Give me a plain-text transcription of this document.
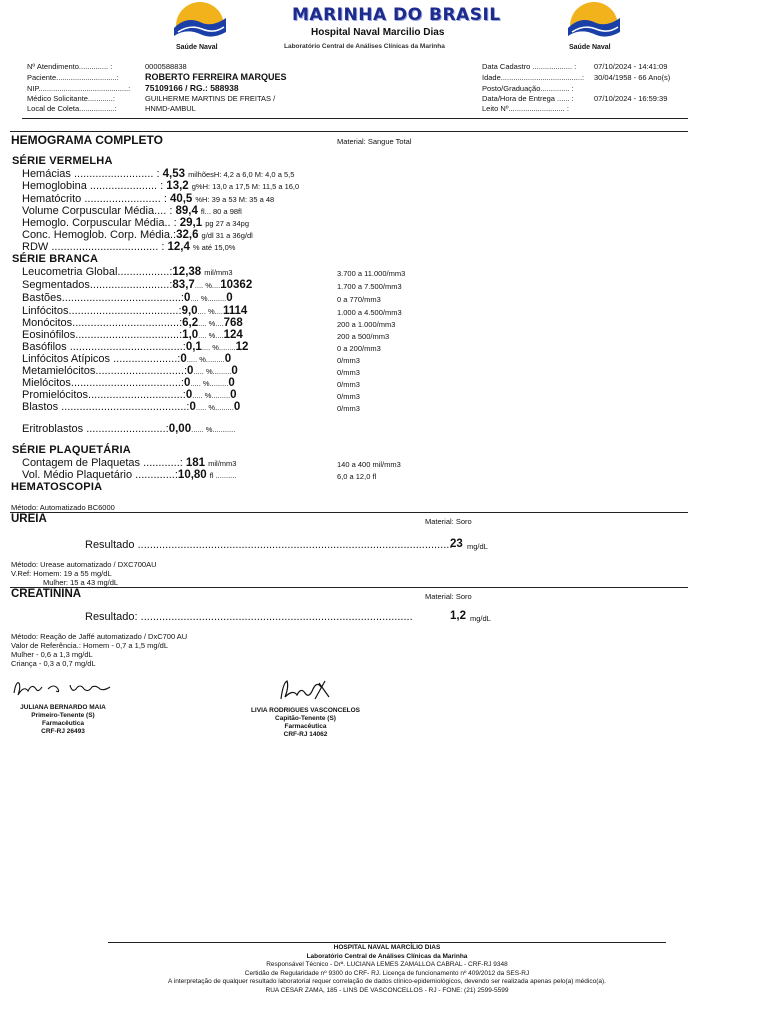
Saúde Naval	Saúde Naval
MARINHA DO BRASIL
Hospital Naval Marcilio Dias
Laboratório Central de Análises Clínicas da Marinha
Nº Atendimento.............. :	0000588838
Paciente.............................:	ROBERTO FERREIRA MARQUES
NIP...........................................: 75109166 / RG.: 588938
Médico Solicitante............:	GUILHERME MARTINS DE FREITAS /
Local de Coleta.................:	HNMD-AMBUL
Data Cadastro ................... : 07/10/2024 - 14:41:09
Idade.......................................: 30/04/1958 - 66 Ano(s)
Posto/Graduação.............. :
Data/Hora de Entrega ...... :	07/10/2024 - 16:59:39
Leito Nº........................... :
HEMOGRAMA COMPLETO	Material: Sangue Total
SÉRIE VERMELHA
Hemácias .......................... : 4,53 milhõesH: 4,2 a 6,0 M: 4,0 a 5,5
Hemoglobina ...................... : 13,2 g%H: 13,0 a 17,5 M: 11,5 a 16,0
Hematócrito ......................... : 40,5 %H: 39 a 53 M: 35 a 48
Volume Corpuscular Média.... : 89,4 fl... 80 a 98fl
Hemoglo. Corpuscular Média.. : 29,1 pg 27 a 34pg
Conc. Hemoglob. Corp. Média.:32,6 g/dl 31 a 36g/dl
RDW ................................... : 12,4 % até 15,0%
SÉRIE BRANCA
Leucometria Global.................:12,38 mil/mm3	3.700 a 11.000/mm3
Segmentados..........................:83,7.... %....10362	1.700 a 7.500/mm3
Bastões.......................................:0.... %.........0	0 a 770/mm3
Linfócitos....................................:9,0.... %....1114	1.000 a 4.500/mm3
Monócitos...................................:6,2.... %....768	200 a 1.000/mm3
Eosinófilos..................................:1,0.... %....124	200 a 500/mm3
Basófilos .....................................:0,1.... %........12	0 a 200/mm3
Linfócitos Atípicos .....................:0..... %.........0	0/mm3
Metamielócitos.............................:0..... %.........0	0/mm3
Mielócitos....................................:0..... %.........0	0/mm3
Promielócitos...............................:0..... %.........0	0/mm3
Blastos .........................................:0..... %.........0	0/mm3
Eritroblastos ..........................:0,00...... %...........
SÉRIE PLAQUETÁRIA
Contagem de Plaquetas ............: 181 mil/mm3	140 a 400 mil/mm3
Vol. Médio Plaquetário .............:10,80 fl ..........	6,0 a 12,0 fl
HEMATOSCOPIA
Método: Automatizado BC6000
UREIA	Material: Soro
Resultado .......................................................................................................
23 mg/dL
Método: Urease automatizado / DXC700AU
V.Ref: Homem: 19 a 55 mg/dL
Mulher: 15 a 43 mg/dL
CREATININA	Material: Soro
Resultado: .........................................................................................	1,2 mg/dL
Método: Reação de Jaffé automatizado / DxC700 AU
Valor de Referência.: Homem - 0,7 a 1,5 mg/dL
Mulher - 0,6 a 1,3 mg/dL
Criança - 0,3 a 0,7 mg/dL
JULIANA BERNARDO MAIA
Primeiro-Tenente (S)
Farmacêutica
CRF-RJ 26493
LIVIA RODRIGUES VASCONCELOS
Capitão-Tenente (S)
Farmacêutica
CRF-RJ 14062
HOSPITAL NAVAL MARCÍLIO DIAS
Laboratório Central de Análises Clínicas da Marinha
Responsável Técnico - Drª. LUCIANA LEMES ZAMALLOA CABRAL - CRF-RJ 9348
Certidão de Regularidade nº 9300 do CRF- RJ. Licença de funcionamento nº 409/2012 da SES-RJ
A interpretação de qualquer resultado laboratorial requer correlação de dados clínico-epidemiológicos, devendo ser realizada apenas pelo(a) médico(a).
RUA CESAR ZAMA, 185 - LINS DE VASCONCELLOS - RJ - FONE: (21) 2599-5599
